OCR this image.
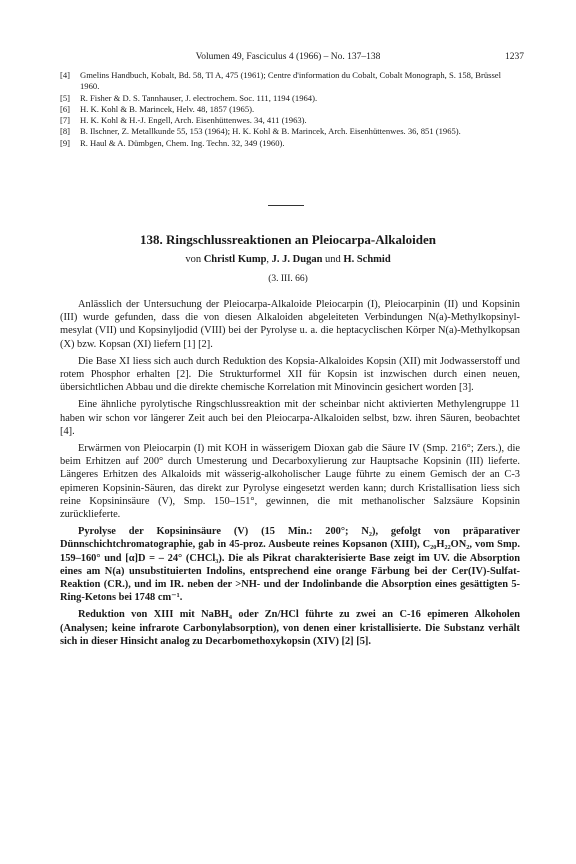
Volumen 49, Fasciculus 4 (1966) – No. 137–138	1237
[4]	Gmelins Handbuch, Kobalt, Bd. 58, Tl A, 475 (1961); Centre d'information du Cobalt, Cobalt Monograph, S. 158, Brüssel 1960.
[5]	R. Fisher & D. S. Tannhauser, J. electrochem. Soc. 111, 1194 (1964).
[6]	H. K. Kohl & B. Marincek, Helv. 48, 1857 (1965).
[7]	H. K. Kohl & H.-J. Engell, Arch. Eisenhüttenwes. 34, 411 (1963).
[8]	B. Ilschner, Z. Metallkunde 55, 153 (1964); H. K. Kohl & B. Marincek, Arch. Eisenhüttenwes. 36, 851 (1965).
[9]	R. Haul & A. Dümbgen, Chem. Ing. Techn. 32, 349 (1960).
138. Ringschlussreaktionen an Pleiocarpa-Alkaloiden
von Christl Kump, J. J. Dugan und H. Schmid
(3. III. 66)

Anlässlich der Untersuchung der Pleiocarpa-Alkaloide Pleiocarpin (I), Pleiocarpinin (II) und Kopsinin (III) wurde gefunden, dass die von diesen Alkaloiden abgeleiteten Verbindungen N(a)-Methylkopsinyl-mesylat (VII) und Kopsinyljodid (VIII) bei der Pyrolyse u. a. die heptacyclischen Körper N(a)-Methylkopsan (X) bzw. Kopsan (XI) liefern [1] [2].

Die Base XI liess sich auch durch Reduktion des Kopsia-Alkaloides Kopsin (XII) mit Jodwasserstoff und rotem Phosphor erhalten [2]. Die Strukturformel XII für Kopsin ist inzwischen durch einen neuen, übersichtlichen Abbau und die direkte chemische Korrelation mit Minovincin gesichert worden [3].

Eine ähnliche pyrolytische Ringschlussreaktion mit der scheinbar nicht aktivierten Methylengruppe 11 haben wir schon vor längerer Zeit auch bei den Pleiocarpa-Alkaloiden selbst, bzw. ihren Säuren, beobachtet [4].

Erwärmen von Pleiocarpin (I) mit KOH in wässerigem Dioxan gab die Säure IV (Smp. 216°; Zers.), die beim Erhitzen auf 200° durch Umesterung und Decarboxylierung zur Hauptsache Kopsinin (III) lieferte. Längeres Erhitzen des Alkaloids mit wässerig-alkoholischer Lauge führte zu einem Gemisch der an C-3 epimeren Kopsinin-Säuren, das direkt zur Pyrolyse eingesetzt werden kann; durch Kristallisation liess sich reine Kopsininsäure (V), Smp. 150–151°, gewinnen, die mit methanolischer Salzsäure Kopsinin zurücklieferte.

Pyrolyse der Kopsininsäure (V) (15 Min.: 200°; N₂), gefolgt von präparativer Dünnschichtchromatographie, gab in 45-proz. Ausbeute reines Kopsanon (XIII), C₂₀H₂₂ON₂, vom Smp. 159–160° und [α]D = – 24° (CHCl₃). Die als Pikrat charakterisierte Base zeigt im UV. die Absorption eines am N(a) unsubstituierten Indolins, entsprechend eine orange Färbung bei der Cer(IV)-Sulfat-Reaktion (CR.), und im IR. neben der >NH- und der Indolinbande die Absorption eines gesättigten 5-Ring-Ketons bei 1748 cm⁻¹.

Reduktion von XIII mit NaBH₄ oder Zn/HCl führte zu zwei an C-16 epimeren Alkoholen (Analysen; keine infrarote Carbonylabsorption), von denen einer kristallisierte. Die Substanz verhält sich in dieser Hinsicht analog zu Decarbomethoxykopsin (XIV) [2] [5].
